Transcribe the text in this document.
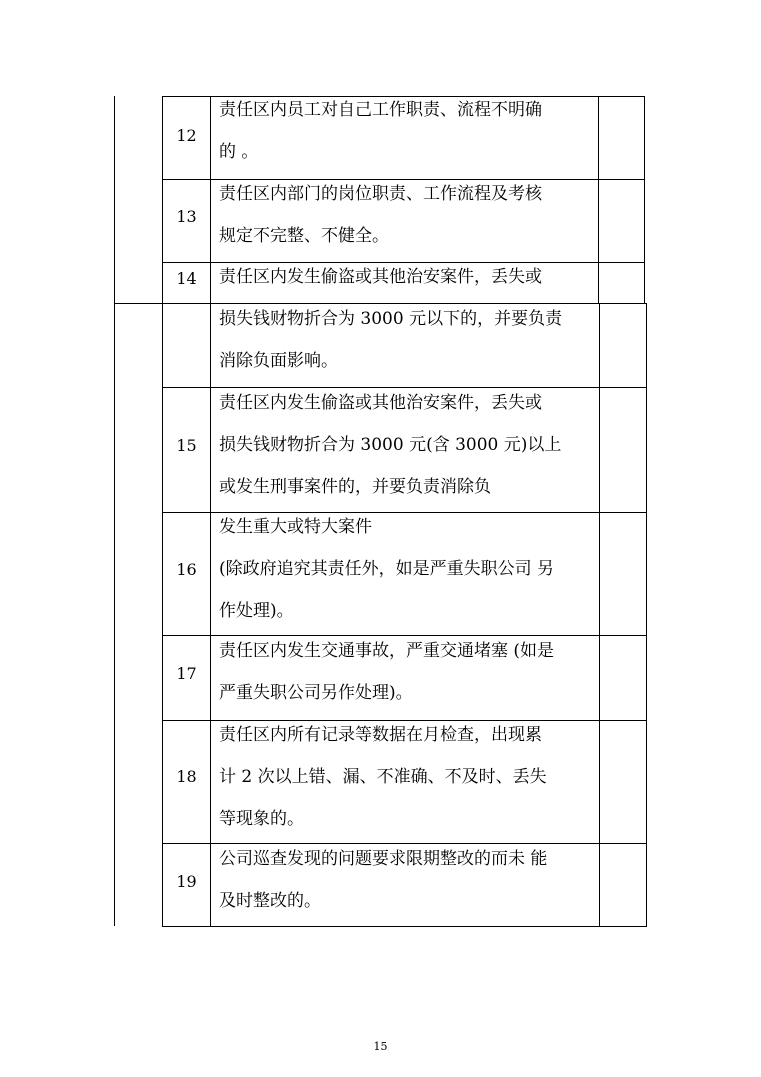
12
责任区内员工对自己工作职责、流程不明确
的 。
13
责任区内部门的岗位职责、工作流程及考核
规定不完整、不健全。
14	责任区内发生偷盗或其他治安案件，丢失或
损失钱财物折合为 3000 元以下的，并要负责
消除负面影响。
15
责任区内发生偷盗或其他治安案件，丢失或
损失钱财物折合为 3000 元(含 3000 元)以上
或发生刑事案件的，并要负责消除负
16
发生重大或特大案件
(除政府追究其责任外，如是严重失职公司 另
作处理)。
17
责任区内发生交通事故，严重交通堵塞 (如是
严重失职公司另作处理)。
18
责任区内所有记录等数据在月检查，出现累
计 2 次以上错、漏、不准确、不及时、丢失
等现象的。
19
公司巡查发现的问题要求限期整改的而未 能
及时整改的。
15
